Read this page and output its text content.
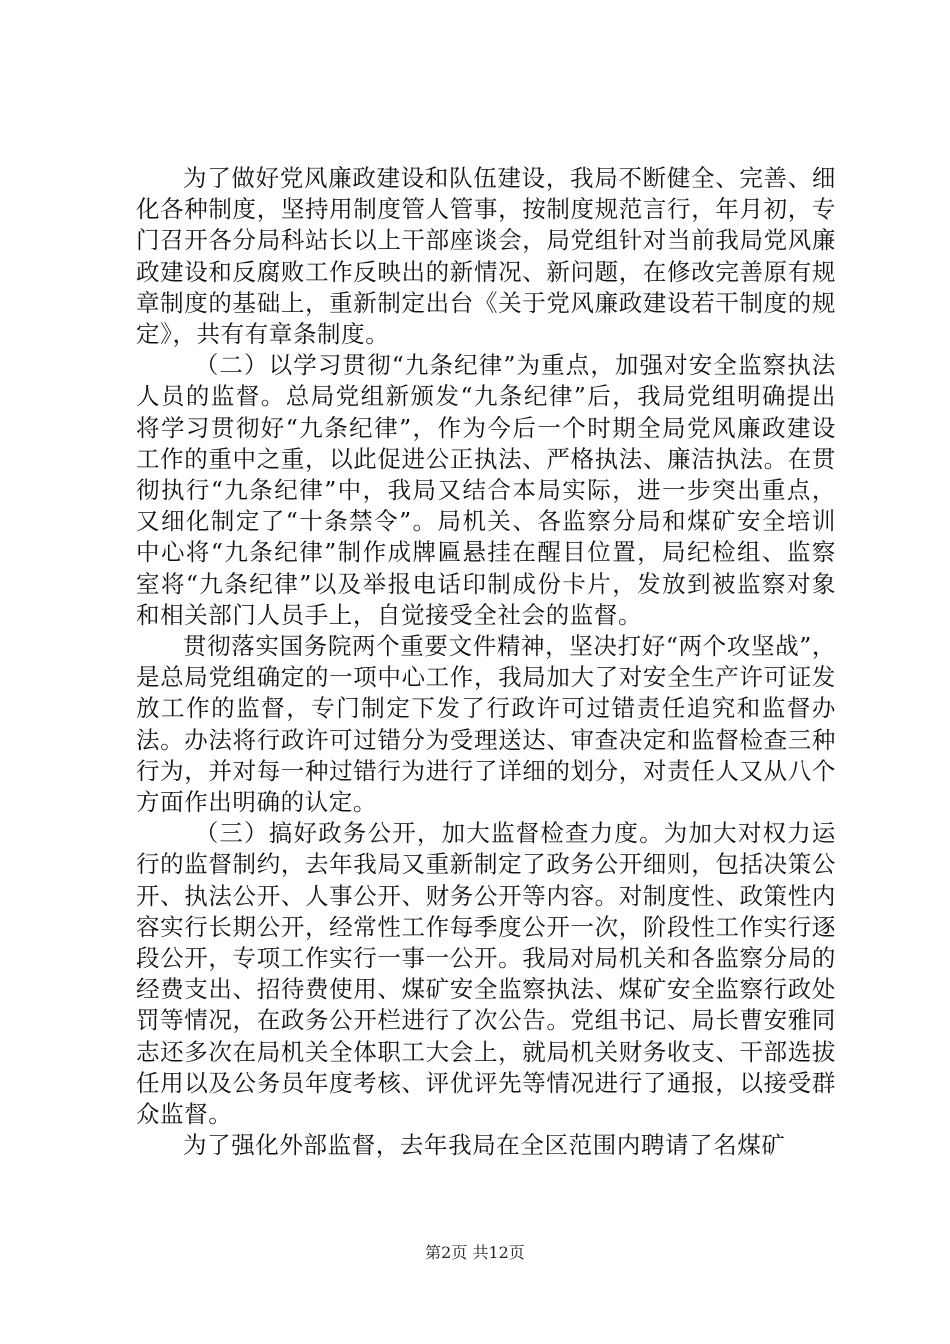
为了做好党风廉政建设和队伍建设，我局不断健全、完善、细化各种制度，坚持用制度管人管事，按制度规范言行，年月初，专门召开各分局科站长以上干部座谈会，局党组针对当前我局党风廉政建设和反腐败工作反映出的新情况、新问题，在修改完善原有规章制度的基础上，重新制定出台《关于党风廉政建设若干制度的规定》，共有有章条制度。

（二）以学习贯彻“九条纪律”为重点，加强对安全监察执法人员的监督。总局党组新颁发“九条纪律”后，我局党组明确提出将学习贯彻好“九条纪律”，作为今后一个时期全局党风廉政建设工作的重中之重，以此促进公正执法、严格执法、廉洁执法。在贯彻执行“九条纪律”中，我局又结合本局实际，进一步突出重点，又细化制定了“十条禁令”。局机关、各监察分局和煤矿安全培训中心将“九条纪律”制作成牌匾悬挂在醒目位置，局纪检组、监察室将“九条纪律”以及举报电话印制成份卡片，发放到被监察对象和相关部门人员手上，自觉接受全社会的监督。

贯彻落实国务院两个重要文件精神，坚决打好“两个攻坚战”，是总局党组确定的一项中心工作，我局加大了对安全生产许可证发放工作的监督，专门制定下发了行政许可过错责任追究和监督办法。办法将行政许可过错分为受理送达、审查决定和监督检查三种行为，并对每一种过错行为进行了详细的划分，对责任人又从八个方面作出明确的认定。

（三）搞好政务公开，加大监督检查力度。为加大对权力运行的监督制约，去年我局又重新制定了政务公开细则，包括决策公开、执法公开、人事公开、财务公开等内容。对制度性、政策性内容实行长期公开，经常性工作每季度公开一次，阶段性工作实行逐段公开，专项工作实行一事一公开。我局对局机关和各监察分局的经费支出、招待费使用、煤矿安全监察执法、煤矿安全监察行政处罚等情况，在政务公开栏进行了次公告。党组书记、局长曹安雅同志还多次在局机关全体职工大会上，就局机关财务收支、干部选拔任用以及公务员年度考核、评优评先等情况进行了通报，以接受群众监督。

为了强化外部监督，去年我局在全区范围内聘请了名煤矿

第2页 共12页
